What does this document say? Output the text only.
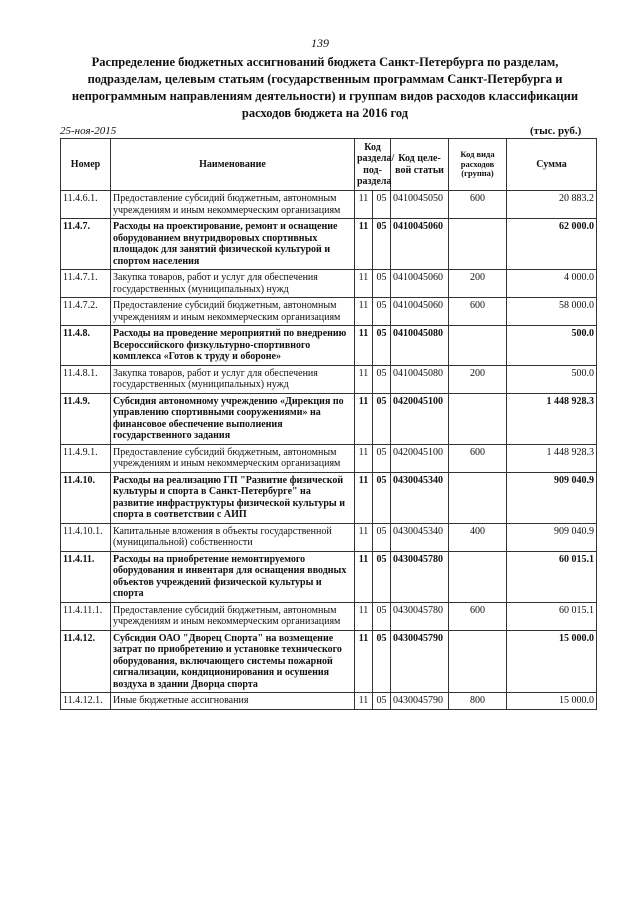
139
Распределение бюджетных ассигнований бюджета Санкт-Петербурга по разделам, подразделам, целевым статьям (государственным программам Санкт-Петербурга и непрограммным направлениям деятельности) и группам видов расходов классификации расходов бюджета на 2016 год
25-ноя-2015	(тыс. руб.)
Номер	Наименование	Код раздела/ под- раздела		Код целе- вой статьи	Код вида расходов (группа)	Сумма
11.4.6.1.	Предоставление субсидий бюджетным, автономным учреждениям и иным некоммерческим организациям	11	05	0410045050	600	20 883.2
11.4.7.	Расходы на проектирование, ремонт и оснащение оборудованием внутридворовых спортивных площадок для занятий физической культурой и спортом населения	11	05	0410045060		62 000.0
11.4.7.1.	Закупка товаров, работ и услуг для обеспечения государственных (муниципальных) нужд	11	05	0410045060	200	4 000.0
11.4.7.2.	Предоставление субсидий бюджетным, автономным учреждениям и иным некоммерческим организациям	11	05	0410045060	600	58 000.0
11.4.8.	Расходы на проведение мероприятий по внедрению Всероссийского физкультурно-спортивного комплекса «Готов к труду и обороне»	11	05	0410045080		500.0
11.4.8.1.	Закупка товаров, работ и услуг для обеспечения государственных (муниципальных) нужд	11	05	0410045080	200	500.0
11.4.9.	Субсидия автономному учреждению «Дирекция по управлению спортивными сооружениями» на финансовое обеспечение выполнения государственного задания	11	05	0420045100		1 448 928.3
11.4.9.1.	Предоставление субсидий бюджетным, автономным учреждениям и иным некоммерческим организациям	11	05	0420045100	600	1 448 928.3
11.4.10.	Расходы на реализацию ГП "Развитие физической культуры и спорта в Санкт-Петербурге" на развитие инфраструктуры физической культуры и спорта в соответствии с АИП	11	05	0430045340		909 040.9
11.4.10.1.	Капитальные вложения в объекты государственной (муниципальной) собственности	11	05	0430045340	400	909 040.9
11.4.11.	Расходы на приобретение немонтируемого оборудования и инвентаря для оснащения вводных объектов учреждений физической культуры и спорта	11	05	0430045780		60 015.1
11.4.11.1.	Предоставление субсидий бюджетным, автономным учреждениям и иным некоммерческим организациям	11	05	0430045780	600	60 015.1
11.4.12.	Субсидия ОАО "Дворец Спорта" на возмещение затрат по приобретению и установке технического оборудования, включающего системы пожарной сигнализации, кондиционирования и осушения воздуха в здании Дворца спорта	11	05	0430045790		15 000.0
11.4.12.1.	Иные бюджетные ассигнования	11	05	0430045790	800	15 000.0
